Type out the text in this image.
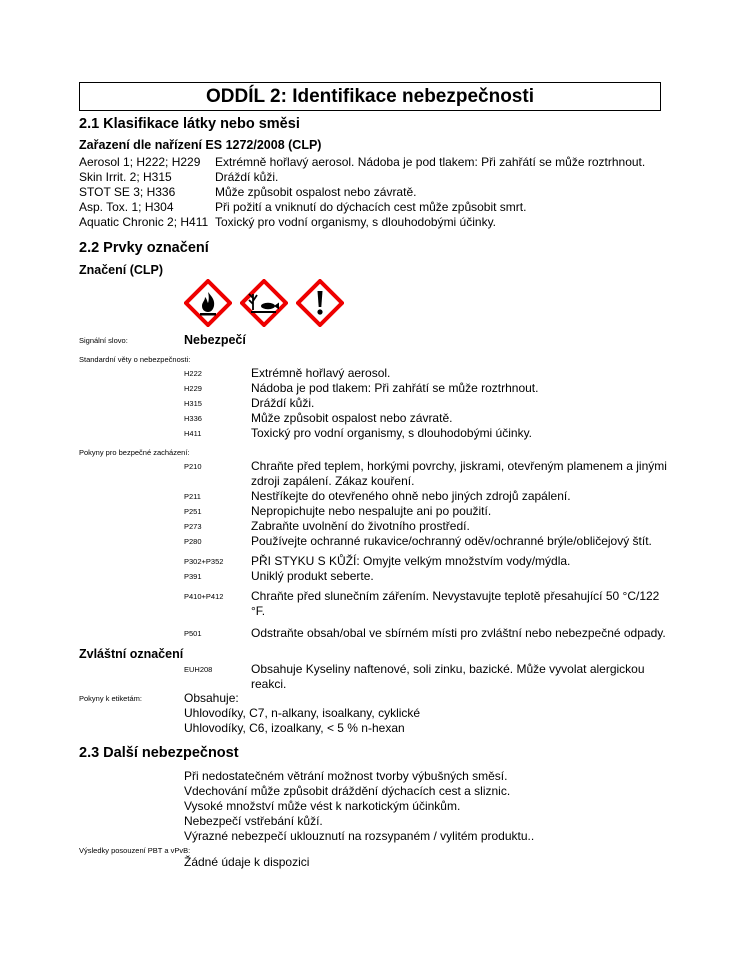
ODDÍL 2: Identifikace nebezpečnosti
2.1 Klasifikace látky nebo směsi
Zařazení dle nařízení ES 1272/2008 (CLP)
Aerosol 1; H222; H229 Extrémně hořlavý aerosol. Nádoba je pod tlakem: Při zahřátí se může roztrhnout.
Skin Irrit. 2; H315	Dráždí kůži.
STOT SE 3; H336	Může způsobit ospalost nebo závratě.
Asp. Tox. 1; H304	Při požití a vniknutí do dýchacích cest může způsobit smrt.
Aquatic Chronic 2; H411 Toxický pro vodní organismy, s dlouhodobými účinky.
2.2 Prvky označení
Značení (CLP)
Signální slovo:	Nebezpečí
Standardní věty o nebezpečnosti:
H222	Extrémně hořlavý aerosol.
H229	Nádoba je pod tlakem: Při zahřátí se může roztrhnout.
H315	Dráždí kůži.
H336	Může způsobit ospalost nebo závratě.
H411	Toxický pro vodní organismy, s dlouhodobými účinky.
Pokyny pro bezpečné zacházení:
P210	Chraňte před teplem, horkými povrchy, jiskrami, otevřeným plamenem a jinými zdroji zapálení. Zákaz kouření.
P211	Nestříkejte do otevřeného ohně nebo jiných zdrojů zapálení.
P251	Nepropichujte nebo nespalujte ani po použití.
P273	Zabraňte uvolnění do životního prostředí.
P280	Používejte ochranné rukavice/ochranný oděv/ochranné brýle/obličejový štít.
P302+P352 PŘI STYKU S KŮŽÍ: Omyjte velkým množstvím vody/mýdla.
P391	Uniklý produkt seberte.
P410+P412 Chraňte před slunečním zářením. Nevystavujte teplotě přesahující 50 °C/122 °F.
P501	Odstraňte obsah/obal ve sbírném místi pro zvláštní nebo nebezpečné odpady.
Zvláštní označení
EUH208	Obsahuje Kyseliny naftenové, soli zinku, bazické. Může vyvolat alergickou reakci.
Pokyny k etiketám:	Obsahuje:
Uhlovodíky, C7, n-alkany, isoalkany, cyklické
Uhlovodíky, C6, izoalkany, < 5 % n-hexan
2.3 Další nebezpečnost
Při nedostatečném větrání možnost tvorby výbušných směsí.
Vdechování může způsobit dráždění dýchacích cest a sliznic.
Vysoké množství může vést k narkotickým účinkům.
Nebezpečí vstřebání kůží.
Výrazné nebezpečí uklouznutí na rozsypaném / vylitém produktu..
Výsledky posouzení PBT a vPvB:
Žádné údaje k dispozici
